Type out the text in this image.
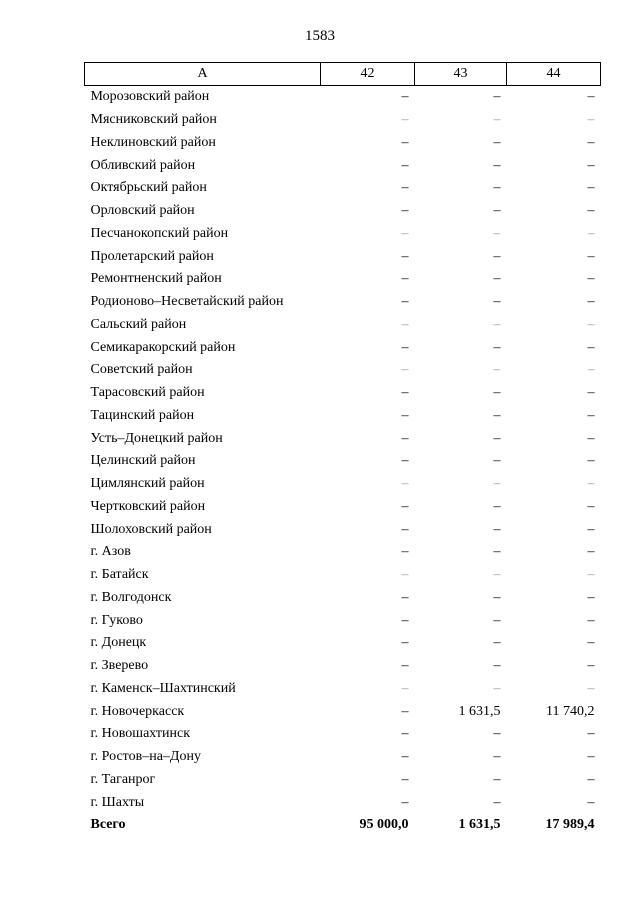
1583
А	42	43	44
Морозовский район	–	–	–
Мясниковский район	–	–	–
Неклиновский район	–	–	–
Обливский район	–	–	–
Октябрьский район	–	–	–
Орловский район	–	–	–
Песчанокопский район	–	–	–
Пролетарский район	–	–	–
Ремонтненский район	–	–	–
Родионово–Несветайский район	–	–	–
Сальский район	–	–	–
Семикаракорский район	–	–	–
Советский район	–	–	–
Тарасовский район	–	–	–
Тацинский район	–	–	–
Усть–Донецкий район	–	–	–
Целинский район	–	–	–
Цимлянский район	–	–	–
Чертковский район	–	–	–
Шолоховский район	–	–	–
г. Азов	–	–	–
г. Батайск	–	–	–
г. Волгодонск	–	–	–
г. Гуково	–	–	–
г. Донецк	–	–	–
г. Зверево	–	–	–
г. Каменск–Шахтинский	–	–	–
г. Новочеркасск	–	1 631,5	11 740,2
г. Новошахтинск	–	–	–
г. Ростов–на–Дону	–	–	–
г. Таганрог	–	–	–
г. Шахты	–	–	–
Всего	95 000,0	1 631,5	17 989,4
